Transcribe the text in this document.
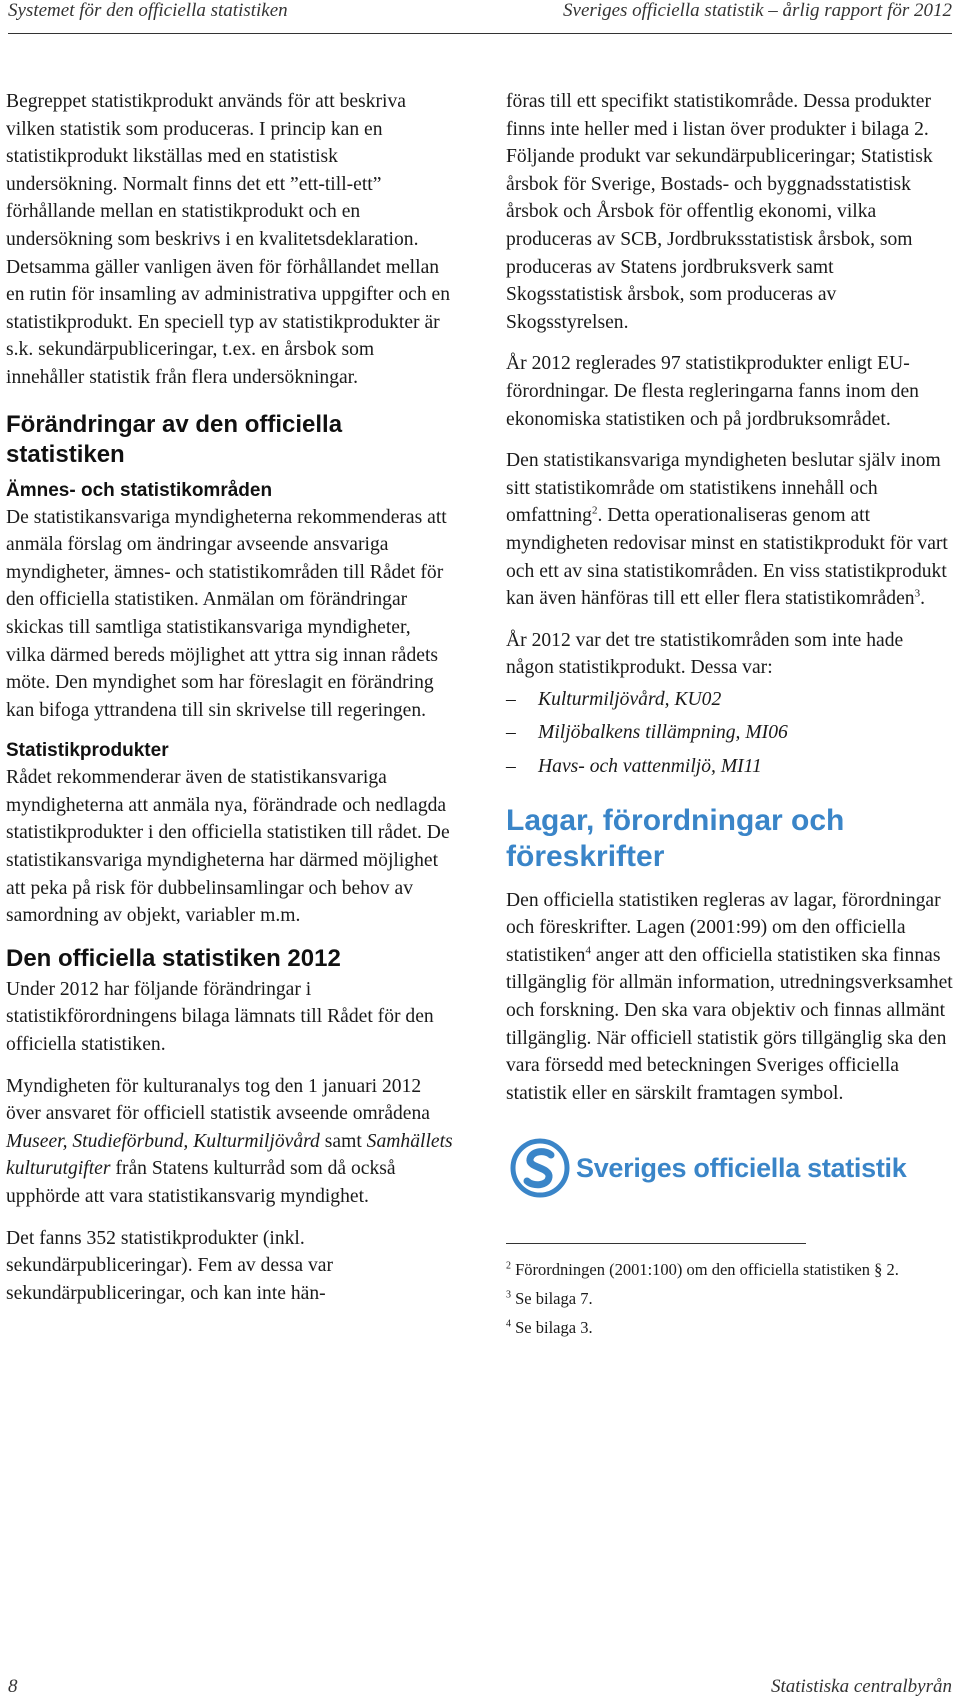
Systemet för den officiella statistiken	Sveriges officiella statistik – årlig rapport för 2012

Begreppet statistikprodukt används för att beskriva vilken statistik som produceras. I princip kan en statistikprodukt likställas med en statistisk undersökning. Normalt finns det ett ”ett-till-ett” förhållande mellan en statistikprodukt och en undersökning som beskrivs i en kvalitetsdeklaration. Detsamma gäller vanligen även för förhållandet mellan en rutin för insamling av administrativa uppgifter och en statistikprodukt. En speciell typ av statistikprodukter är s.k. sekundärpubliceringar, t.ex. en årsbok som innehåller statistik från flera undersökningar.

Förändringar av den officiella statistiken
Ämnes- och statistikområden

De statistikansvariga myndigheterna rekommenderas att anmäla förslag om ändringar avseende ansvariga myndigheter, ämnes- och statistikområden till Rådet för den officiella statistiken. Anmälan om förändringar skickas till samtliga statistikansvariga myndigheter, vilka därmed bereds möjlighet att yttra sig innan rådets möte. Den myndighet som har föreslagit en förändring kan bifoga yttrandena till sin skrivelse till regeringen.

Statistikprodukter

Rådet rekommenderar även de statistikansvariga myndigheterna att anmäla nya, förändrade och nedlagda statistikprodukter i den officiella statistiken till rådet. De statistikansvariga myndigheterna har därmed möjlighet att peka på risk för dubbelinsamlingar och behov av samordning av objekt, variabler m.m.

Den officiella statistiken 2012

Under 2012 har följande förändringar i statistikförordningens bilaga lämnats till Rådet för den officiella statistiken.

Myndigheten för kulturanalys tog den 1 januari 2012 över ansvaret för officiell statistik avseende områdena Museer, Studieförbund, Kulturmiljövård samt Samhällets kulturutgifter från Statens kulturråd som då också upphörde att vara statistikansvarig myndighet.

Det fanns 352 statistikprodukter (inkl. sekundärpubliceringar). Fem av dessa var sekundärpubliceringar, och kan inte hän-

föras till ett specifikt statistikområde. Dessa produkter finns inte heller med i listan över produkter i bilaga 2. Följande produkt var sekundärpubliceringar; Statistisk årsbok för Sverige, Bostads- och byggnadsstatistisk årsbok och Årsbok för offentlig ekonomi, vilka produceras av SCB, Jordbruksstatistisk årsbok, som produceras av Statens jordbruksverk samt Skogsstatistisk årsbok, som produceras av Skogsstyrelsen.

År 2012 reglerades 97 statistikprodukter enligt EU-förordningar. De flesta regleringarna fanns inom den ekonomiska statistiken och på jordbruksområdet.

Den statistikansvariga myndigheten beslutar själv inom sitt statistikområde om statistikens innehåll och omfattning$^2$. Detta operationaliseras genom att myndigheten redovisar minst en statistikprodukt för vart och ett av sina statistikområden. En viss statistikprodukt kan även hänföras till ett eller flera statistikområden$^3$.

År 2012 var det tre statistikområden som inte hade någon statistikprodukt. Dessa var:

–	Kulturmiljövård, KU02
–	Miljöbalkens tillämpning, MI06
–	Havs- och vattenmiljö, MI11
Lagar, förordningar och föreskrifter

Den officiella statistiken regleras av lagar, förordningar och föreskrifter. Lagen (2001:99) om den officiella statistiken$^4$ anger att den officiella statistiken ska finnas tillgänglig för allmän information, utredningsverksamhet och forskning. Den ska vara objektiv och finnas allmänt tillgänglig. När officiell statistik görs tillgänglig ska den vara försedd med beteckningen Sveriges officiella statistik eller en särskilt framtagen symbol.

Sveriges officiella statistik

$^2$ Förordningen (2001:100) om den officiella statistiken § 2.

$^3$ Se bilaga 7.

$^4$ Se bilaga 3.

8	Statistiska centralbyrån
